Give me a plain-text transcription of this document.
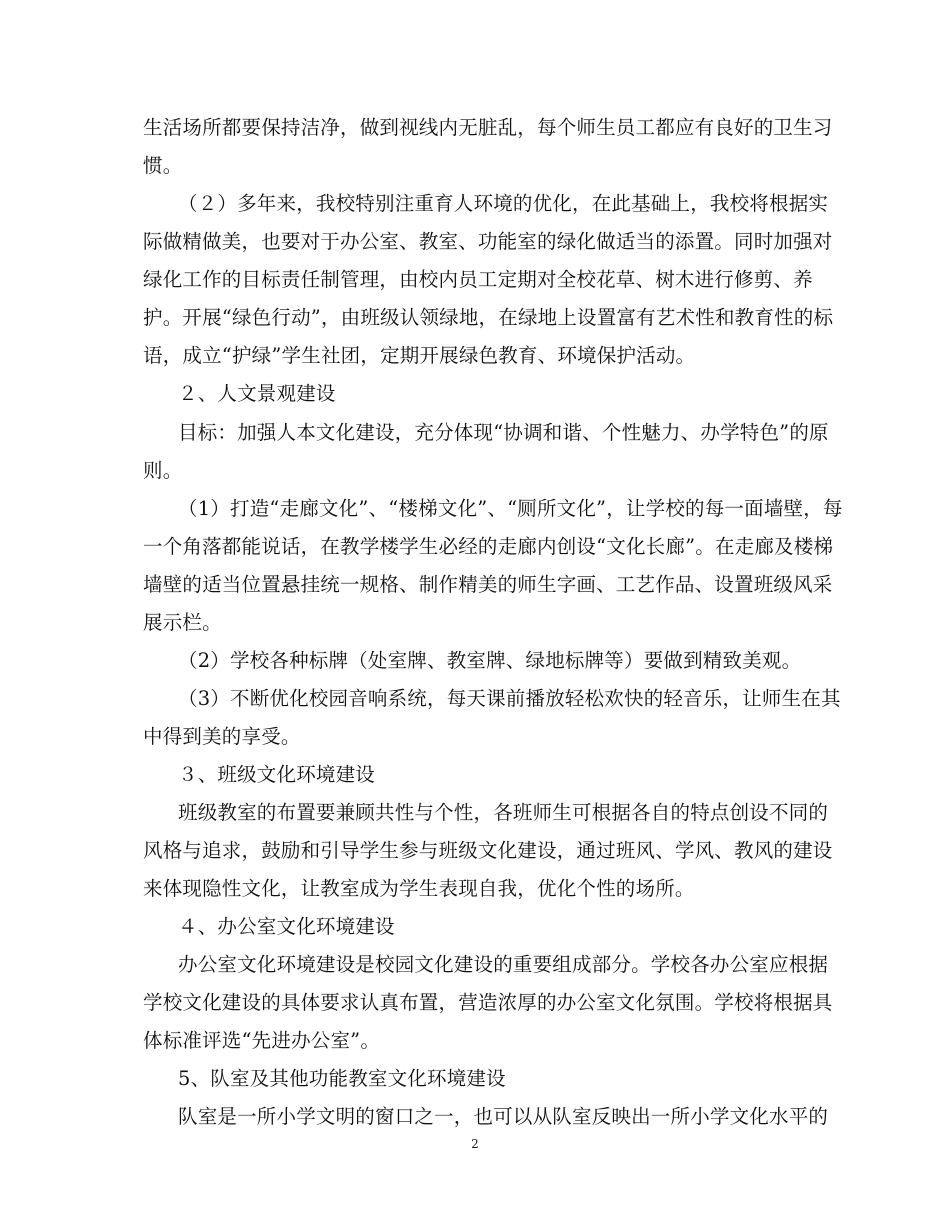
生活场所都要保持洁净，做到视线内无脏乱，每个师生员工都应有良好的卫生习
惯。
（２）多年来，我校特别注重育人环境的优化，在此基础上，我校将根据实
际做精做美，也要对于办公室、教室、功能室的绿化做适当的添置。同时加强对
绿化工作的目标责任制管理，由校内员工定期对全校花草、树木进行修剪、养
护。开展“绿色行动”，由班级认领绿地，在绿地上设置富有艺术性和教育性的标
语，成立“护绿”学生社团，定期开展绿色教育、环境保护活动。
２、人文景观建设
目标：加强人本文化建设，充分体现“协调和谐、个性魅力、办学特色”的原
则。
（1）打造“走廊文化”、“楼梯文化”、“厕所文化”，让学校的每一面墙壁，每
一个角落都能说话，在教学楼学生必经的走廊内创设“文化长廊”。在走廊及楼梯
墙壁的适当位置悬挂统一规格、制作精美的师生字画、工艺作品、设置班级风采
展示栏。
（2）学校各种标牌（处室牌、教室牌、绿地标牌等）要做到精致美观。
（3）不断优化校园音响系统，每天课前播放轻松欢快的轻音乐，让师生在其
中得到美的享受。
３、班级文化环境建设
班级教室的布置要兼顾共性与个性，各班师生可根据各自的特点创设不同的
风格与追求，鼓励和引导学生参与班级文化建设，通过班风、学风、教风的建设
来体现隐性文化，让教室成为学生表现自我，优化个性的场所。
４、办公室文化环境建设
办公室文化环境建设是校园文化建设的重要组成部分。学校各办公室应根据
学校文化建设的具体要求认真布置，营造浓厚的办公室文化氛围。学校将根据具
体标准评选“先进办公室”。
5、队室及其他功能教室文化环境建设
队室是一所小学文明的窗口之一，也可以从队室反映出一所小学文化水平的
2
